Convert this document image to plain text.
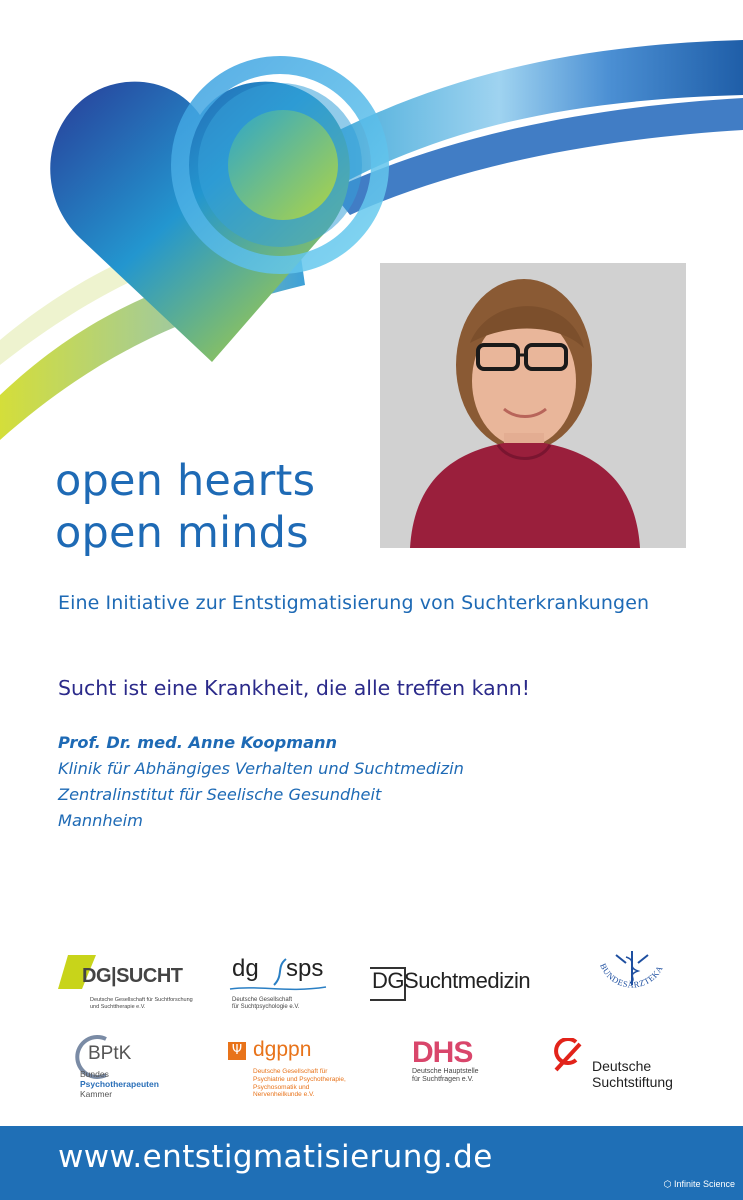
open hearts
open minds
Eine Initiative zur Entstigmatisierung von Suchterkrankungen
Sucht ist eine Krankheit, die alle treffen kann!
Prof. Dr. med. Anne Koopmann
Klinik für Abhängiges Verhalten und Suchtmedizin
Zentralinstitut für Seelische Gesundheit
Mannheim
DG|SUCHT
Deutsche Gesellschaft für Suchtforschung
und Suchttherapie e.V.
dg sps
Deutsche Gesellschaft
für Suchtpsychologie e.V.
DGSuchtmedizin
BUNDESÄRZTEKA
BPtK
Bundes
Psychotherapeuten
Kammer
Ψ dgppn
Deutsche Gesellschaft für
Psychiatrie und Psychotherapie,
Psychosomatik und
Nervenheilkunde e.V.
DHS
Deutsche Hauptstelle
für Suchtfragen e.V.
Deutsche
Suchtstiftung
www.entstigmatisierung.de
⬡ Infinite Science
